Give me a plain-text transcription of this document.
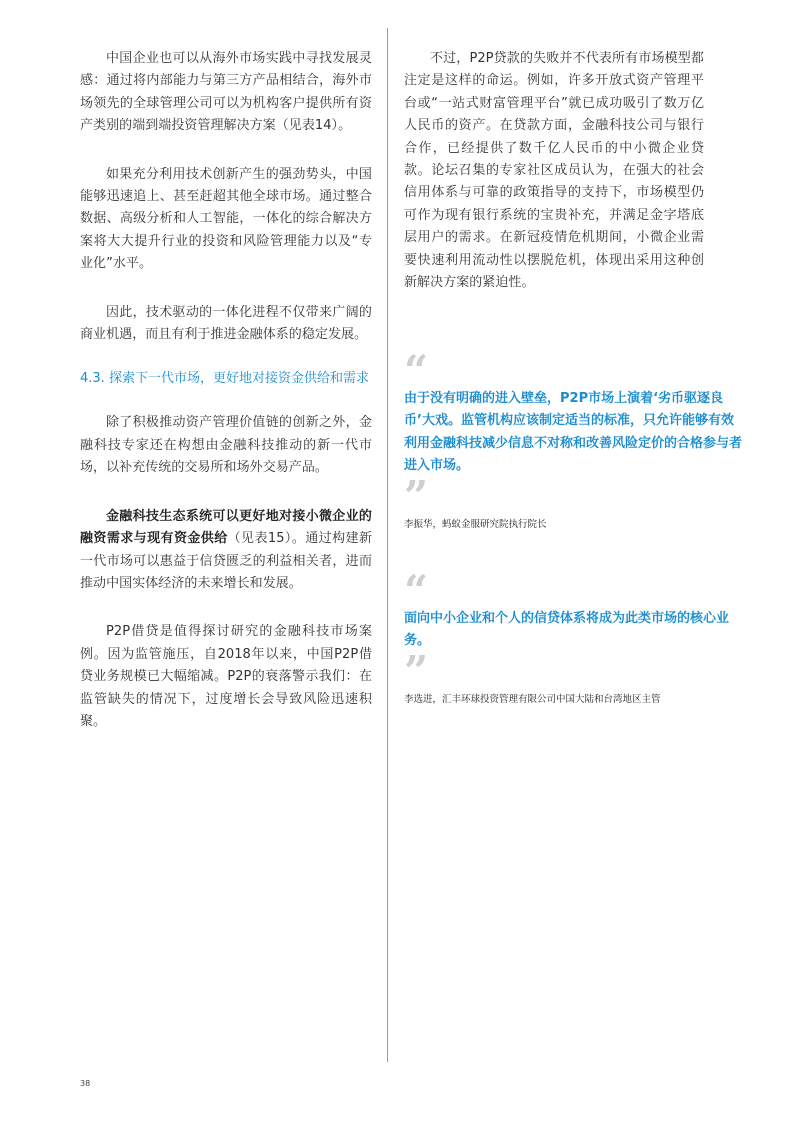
中国企业也可以从海外市场实践中寻找发展灵感：通过将内部能力与第三方产品相结合，海外市场领先的全球管理公司可以为机构客户提供所有资产类别的端到端投资管理解决方案（见表14）。

如果充分利用技术创新产生的强劲势头，中国能够迅速追上、甚至赶超其他全球市场。通过整合数据、高级分析和人工智能，一体化的综合解决方案将大大提升行业的投资和风险管理能力以及“专业化”水平。

因此，技术驱动的一体化进程不仅带来广阔的商业机遇，而且有利于推进金融体系的稳定发展。

4.3. 探索下一代市场，更好地对接资金供给和需求

除了积极推动资产管理价值链的创新之外，金融科技专家还在构想由金融科技推动的新一代市场，以补充传统的交易所和场外交易产品。

金融科技生态系统可以更好地对接小微企业的融资需求与现有资金供给（见表15）。通过构建新一代市场可以惠益于信贷匮乏的利益相关者，进而推动中国实体经济的未来增长和发展。

P2P借贷是值得探讨研究的金融科技市场案例。因为监管施压，自2018年以来，中国P2P借贷业务规模已大幅缩减。P2P的衰落警示我们：在监管缺失的情况下，过度增长会导致风险迅速积聚。

不过，P2P贷款的失败并不代表所有市场模型都注定是这样的命运。例如，许多开放式资产管理平台或“一站式财富管理平台”就已成功吸引了数万亿人民币的资产。在贷款方面，金融科技公司与银行合作，已经提供了数千亿人民币的中小微企业贷款。论坛召集的专家社区成员认为，在强大的社会信用体系与可靠的政策指导的支持下，市场模型仍可作为现有银行系统的宝贵补充，并满足金字塔底层用户的需求。在新冠疫情危机期间，小微企业需要快速利用流动性以摆脱危机，体现出采用这种创新解决方案的紧迫性。

“

由于没有明确的进入壁垒，P2P市场上演着‘劣币驱逐良币’大戏。监管机构应该制定适当的标准，只允许能够有效利用金融科技减少信息不对称和改善风险定价的合格参与者进入市场。

”

李振华，蚂蚁金服研究院执行院长

“

面向中小企业和个人的信贷体系将成为此类市场的核心业务。

”

李选进，汇丰环球投资管理有限公司中国大陆和台湾地区主管

38
